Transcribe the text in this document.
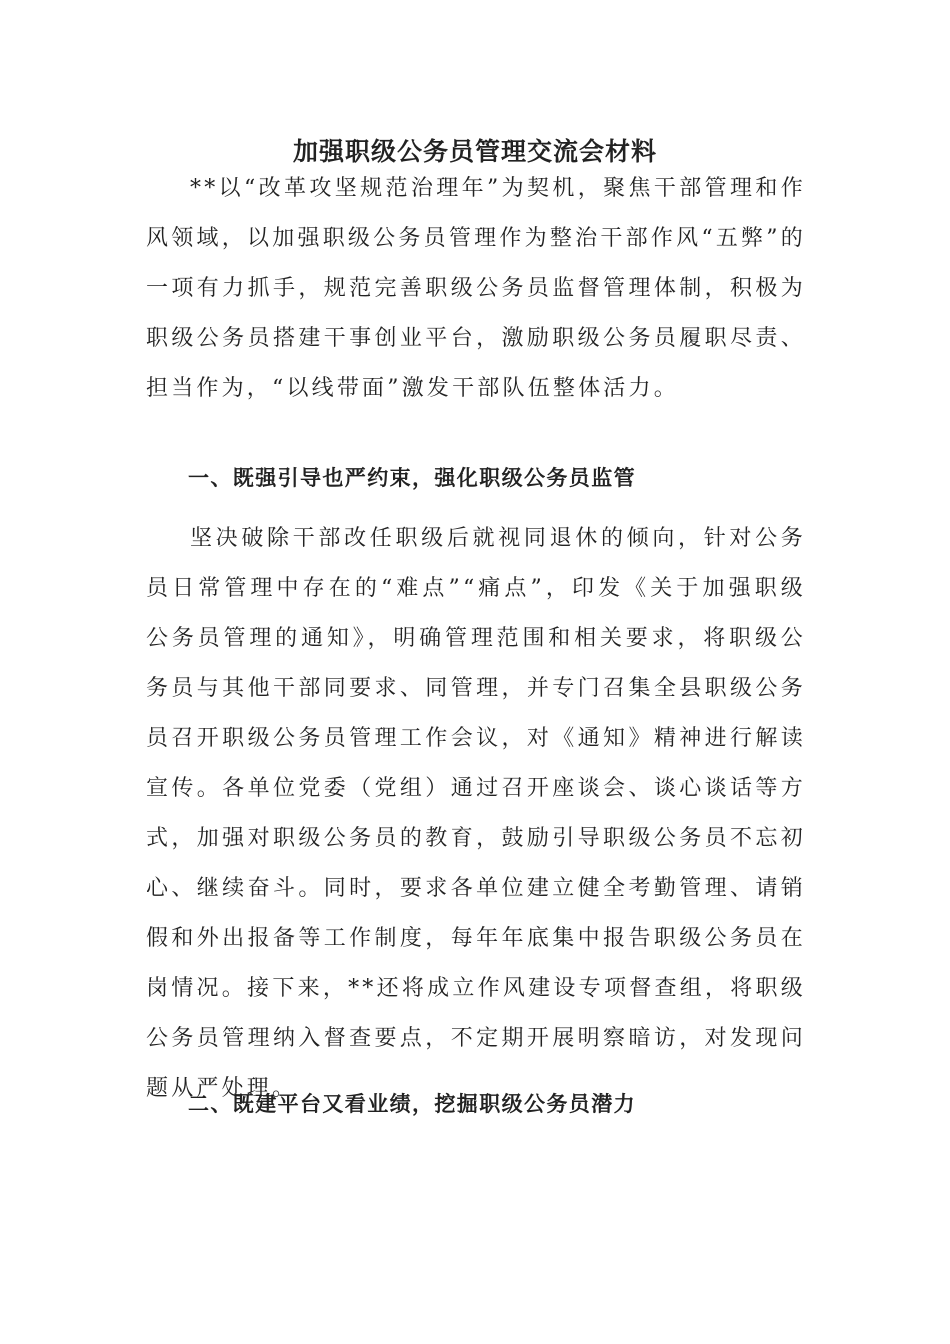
加强职级公务员管理交流会材料

**以“改革攻坚规范治理年”为契机，聚焦干部管理和作风领域，以加强职级公务员管理作为整治干部作风“五弊”的一项有力抓手，规范完善职级公务员监督管理体制，积极为职级公务员搭建干事创业平台，激励职级公务员履职尽责、担当作为，“以线带面”激发干部队伍整体活力。

一、既强引导也严约束，强化职级公务员监管

坚决破除干部改任职级后就视同退休的倾向，针对公务员日常管理中存在的“难点”“痛点”，印发《关于加强职级公务员管理的通知》，明确管理范围和相关要求，将职级公务员与其他干部同要求、同管理，并专门召集全县职级公务员召开职级公务员管理工作会议，对《通知》精神进行解读宣传。各单位党委（党组）通过召开座谈会、谈心谈话等方式，加强对职级公务员的教育，鼓励引导职级公务员不忘初心、继续奋斗。同时，要求各单位建立健全考勤管理、请销假和外出报备等工作制度，每年年底集中报告职级公务员在岗情况。接下来，**还将成立作风建设专项督查组，将职级公务员管理纳入督查要点，不定期开展明察暗访，对发现问题从严处理。

二、既建平台又看业绩，挖掘职级公务员潜力
